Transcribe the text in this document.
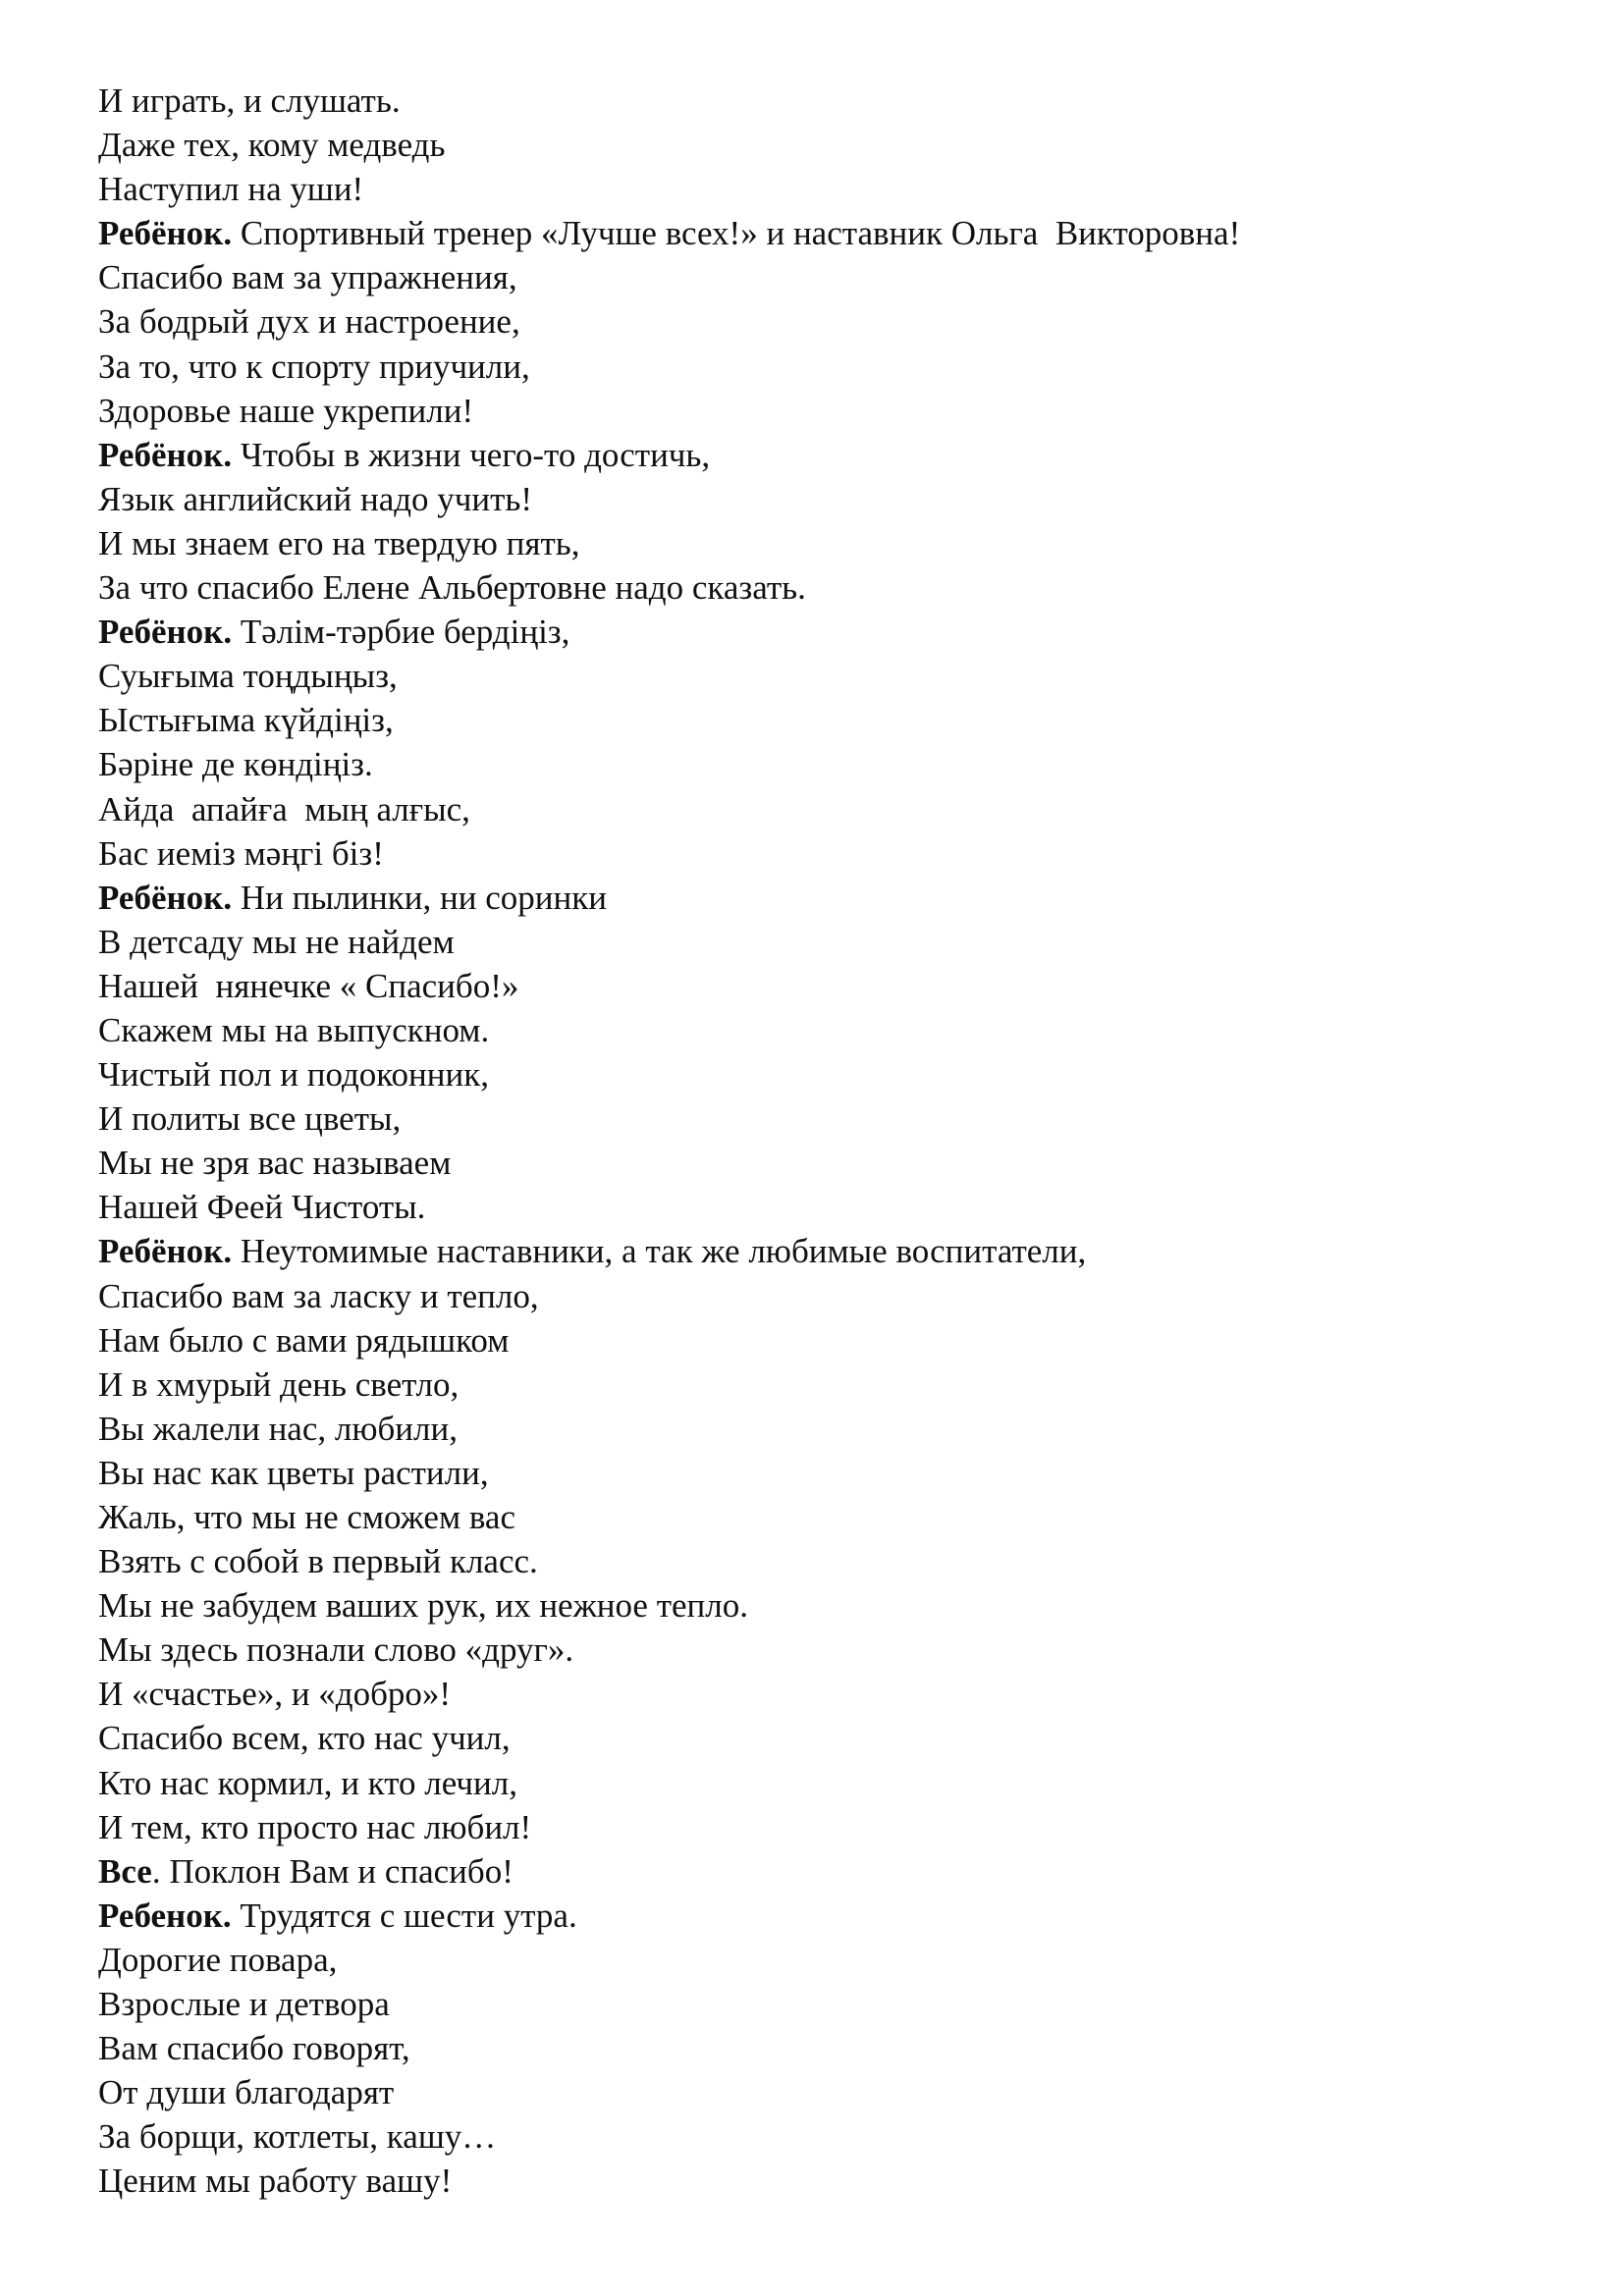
И играть, и слушать.
Даже тех, кому медведь
Наступил на уши!
Ребёнок. Спортивный тренер «Лучше всех!» и наставник Ольга  Викторовна!
Спасибо вам за упражнения,
За бодрый дух и настроение,
За то, что к спорту приучили,
Здоровье наше укрепили!
Ребёнок. Чтобы в жизни чего-то достичь,
Язык английский надо учить!
И мы знаем его на твердую пять,
За что спасибо Елене Альбертовне надо сказать.
Ребёнок. Тәлім-тәрбие бердіңіз,
Суығыма тоңдыңыз,
Ыстығыма күйдіңіз,
Бәріне де көндіңіз.
Айда  апайға  мың алғыс,
Бас иеміз мәңгі біз!
Ребёнок. Ни пылинки, ни соринки
В детсаду мы не найдем
Нашей  нянечке « Спасибо!»
Скажем мы на выпускном.
Чистый пол и подоконник,
И политы все цветы,
Мы не зря вас называем
Нашей Феей Чистоты.
Ребёнок. Неутомимые наставники, а так же любимые воспитатели,
Спасибо вам за ласку и тепло,
Нам было с вами рядышком
И в хмурый день светло,
Вы жалели нас, любили,
Вы нас как цветы растили,
Жаль, что мы не сможем вас
Взять с собой в первый класс.
Мы не забудем ваших рук, их нежное тепло.
Мы здесь познали слово «друг».
И «счастье», и «добро»!
Спасибо всем, кто нас учил,
Кто нас кормил, и кто лечил,
И тем, кто просто нас любил!
Все. Поклон Вам и спасибо!
Ребенок. Трудятся с шести утра.
Дорогие повара,
Взрослые и детвора
Вам спасибо говорят,
От души благодарят
За борщи, котлеты, кашу…
Ценим мы работу вашу!
